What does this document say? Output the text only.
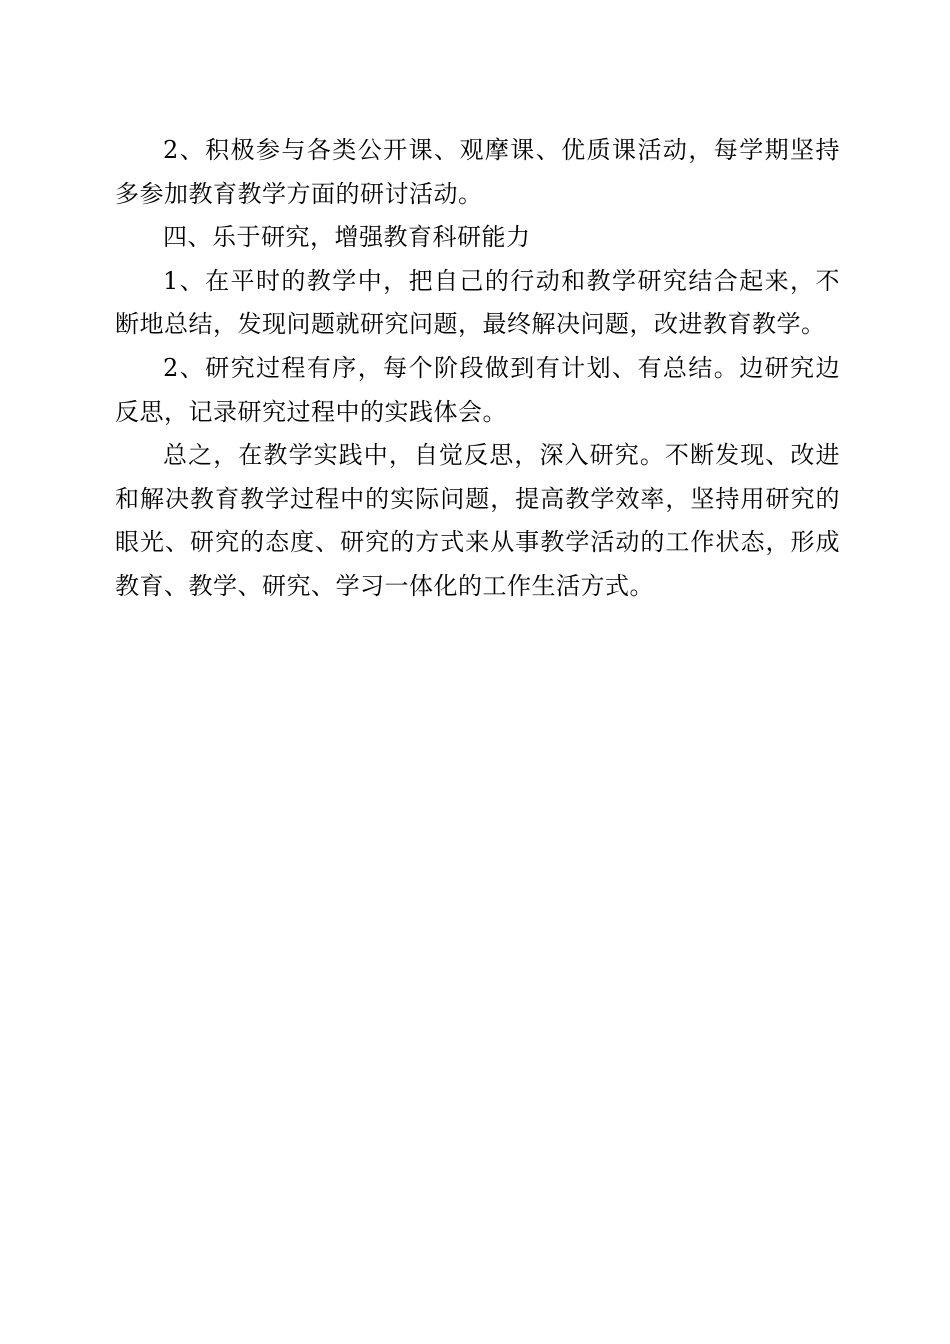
2、积极参与各类公开课、观摩课、优质课活动，每学期坚持多参加教育教学方面的研讨活动。

四、乐于研究，增强教育科研能力

1、在平时的教学中，把自己的行动和教学研究结合起来，不断地总结，发现问题就研究问题，最终解决问题，改进教育教学。

2、研究过程有序，每个阶段做到有计划、有总结。边研究边反思，记录研究过程中的实践体会。

总之，在教学实践中，自觉反思，深入研究。不断发现、改进和解决教育教学过程中的实际问题，提高教学效率，坚持用研究的眼光、研究的态度、研究的方式来从事教学活动的工作状态，形成教育、教学、研究、学习一体化的工作生活方式。
